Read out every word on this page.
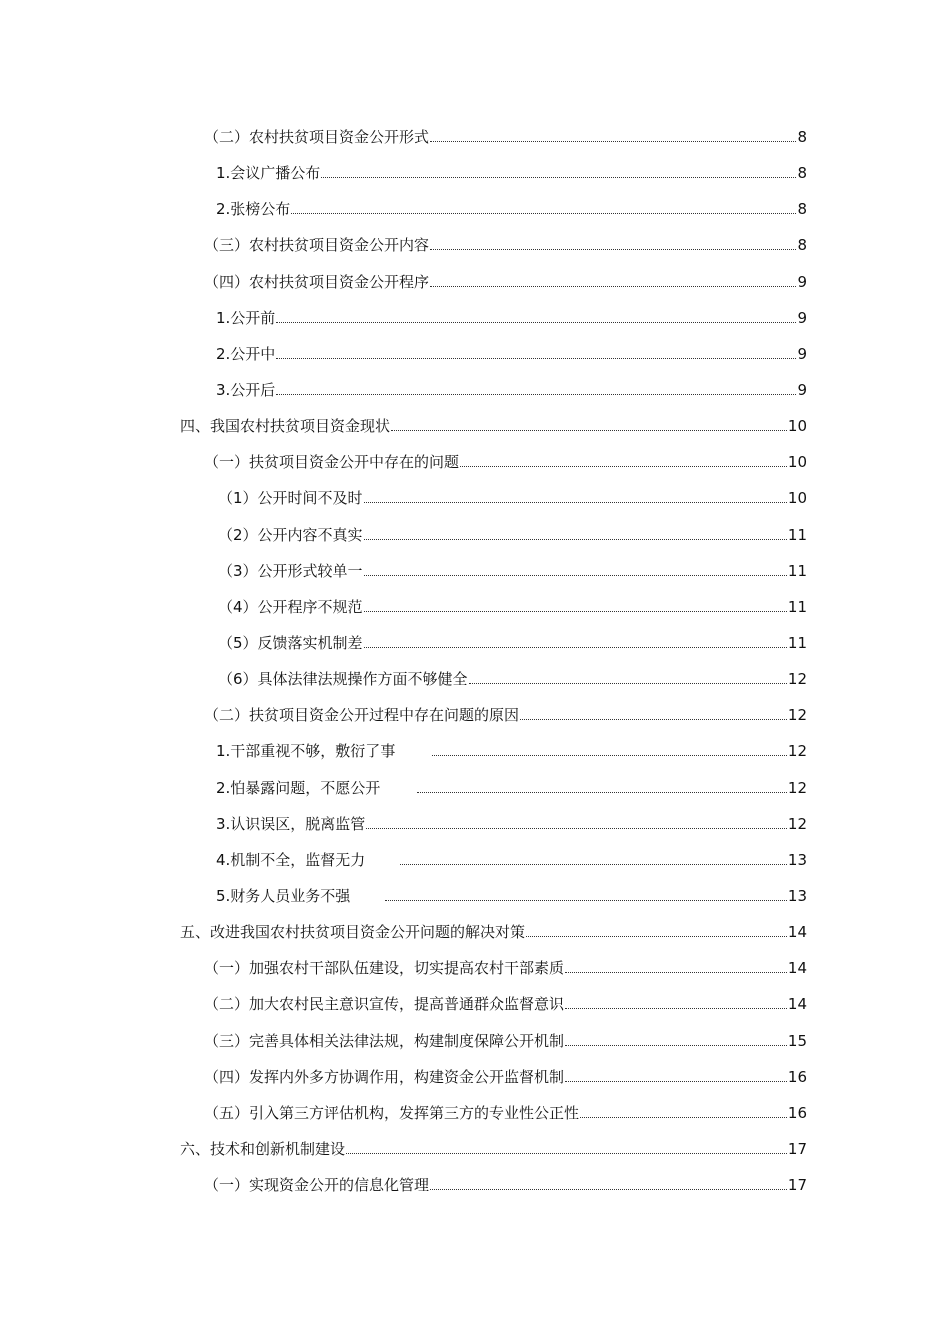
（二）农村扶贫项目资金公开形式	8
1.会议广播公布	8
2.张榜公布	8
（三）农村扶贫项目资金公开内容	8
（四）农村扶贫项目资金公开程序	9
1.公开前	9
2.公开中	9
3.公开后	9
四、我国农村扶贫项目资金现状	10
（一）扶贫项目资金公开中存在的问题	10
（1）公开时间不及时	10
（2）公开内容不真实	11
（3）公开形式较单一	11
（4）公开程序不规范	11
（5）反馈落实机制差	11
（6）具体法律法规操作方面不够健全	12
（二）扶贫项目资金公开过程中存在问题的原因	12
1.干部重视不够，敷衍了事	12
2.怕暴露问题，不愿公开	12
3.认识误区，脱离监管	12
4.机制不全，监督无力	13
5.财务人员业务不强	13
五、改进我国农村扶贫项目资金公开问题的解决对策	14
（一）加强农村干部队伍建设，切实提高农村干部素质	14
（二）加大农村民主意识宣传，提高普通群众监督意识	14
（三）完善具体相关法律法规，构建制度保障公开机制	15
（四）发挥内外多方协调作用，构建资金公开监督机制	16
（五）引入第三方评估机构，发挥第三方的专业性公正性	16
六、技术和创新机制建设	17
（一）实现资金公开的信息化管理	17
